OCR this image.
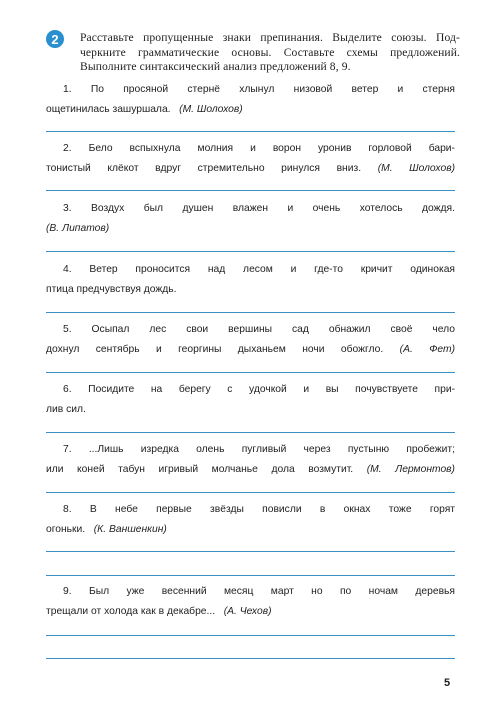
2	Расставьте пропущенные знаки препинания. Выделите союзы. Под-
черкните грамматические основы. Составьте схемы предложений.
Выполните синтаксический анализ предложений 8, 9.
1. По просяной стернё хлынул низовой ветер и стерня
ощетинилась зашуршала. (М. Шолохов)
2. Бело вспыхнула молния и ворон уронив горловой бари-
тонистый клёкот вдруг стремительно ринулся вниз. (М. Шолохов)
3. Воздух был душен влажен и очень хотелось дождя.
(В. Липатов)
4. Ветер проносится над лесом и где-то кричит одинокая
птица предчувствуя дождь.
5. Осыпал лес свои вершины сад обнажил своё чело
дохнул сентябрь и георгины дыханьем ночи обожгло. (А. Фет)
6. Посидите на берегу с удочкой и вы почувствуете при-
лив сил.
7. ...Лишь изредка олень пугливый через пустыню пробежит;
или коней табун игривый молчанье дола возмутит. (М. Лермонтов)
8. В небе первые звёзды повисли в окнах тоже горят
огоньки. (К. Ваншенкин)
9. Был уже весенний месяц март но по ночам деревья
трещали от холода как в декабре... (А. Чехов)
5
